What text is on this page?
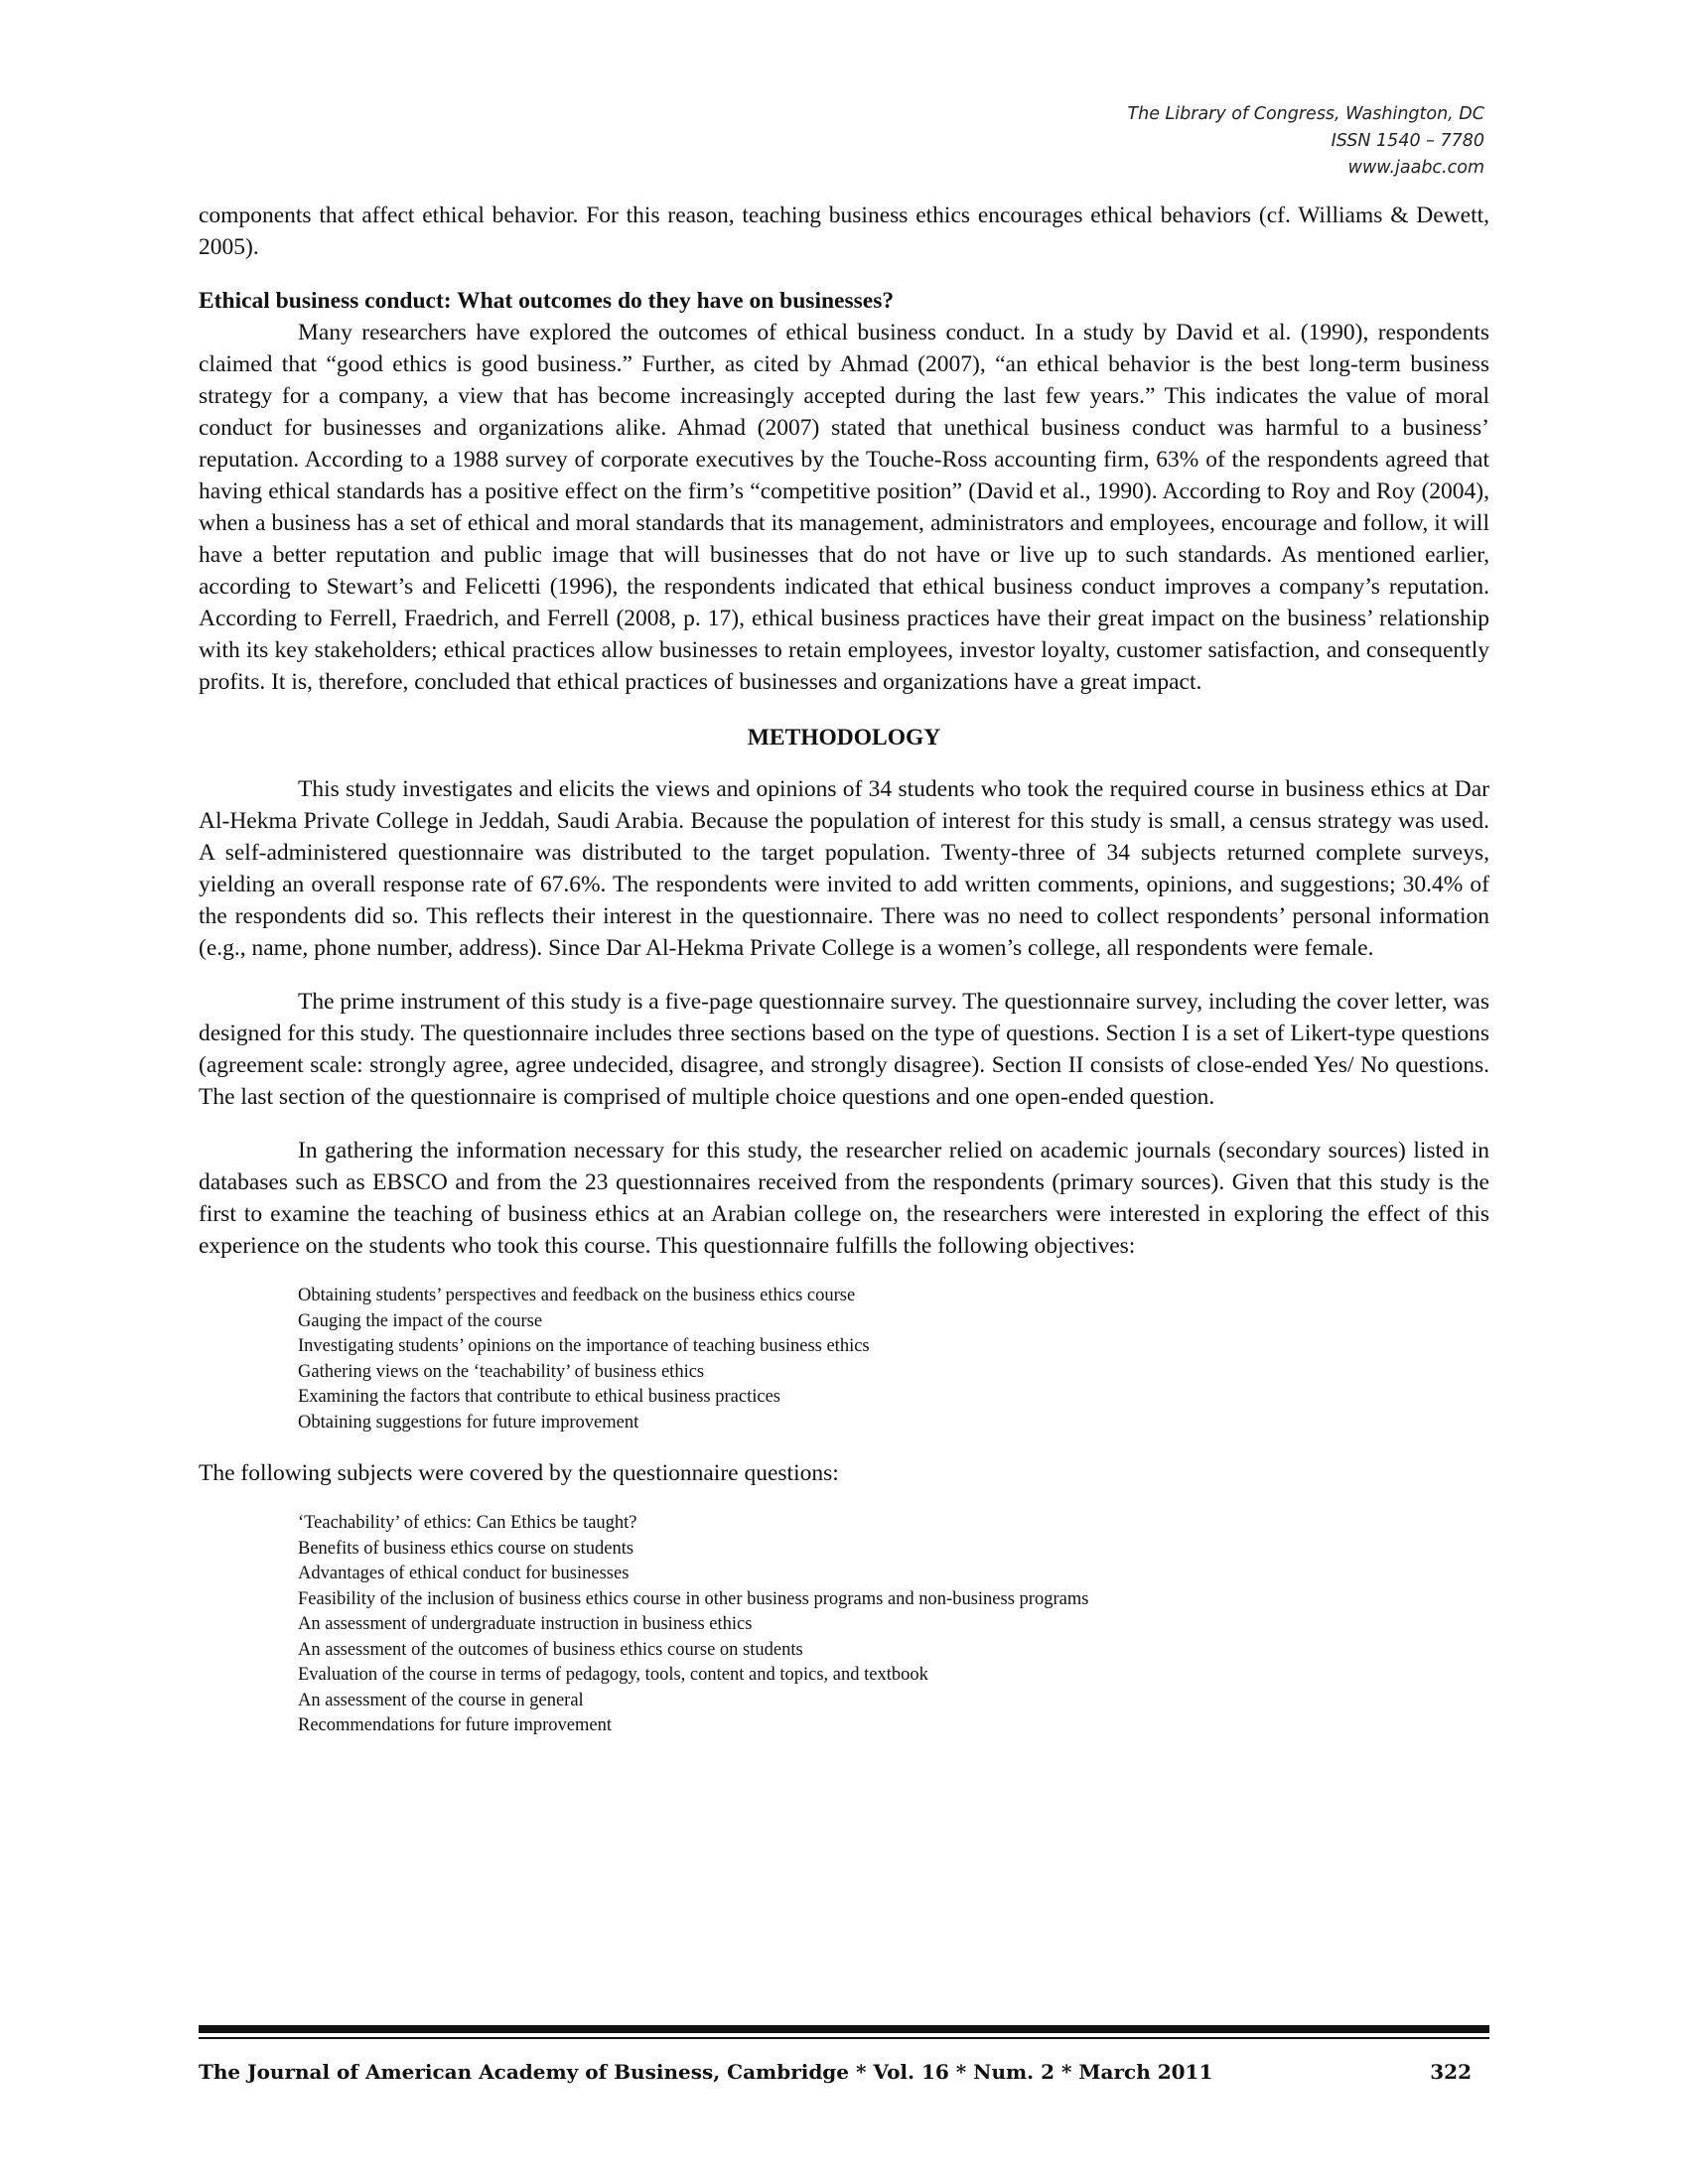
The Library of Congress, Washington, DC
ISSN 1540 – 7780
www.jaabc.com

components that affect ethical behavior. For this reason, teaching business ethics encourages ethical behaviors (cf. Williams & Dewett, 2005).

Ethical business conduct: What outcomes do they have on businesses?

Many researchers have explored the outcomes of ethical business conduct. In a study by David et al. (1990), respondents claimed that “good ethics is good business.” Further, as cited by Ahmad (2007), “an ethical behavior is the best long-term business strategy for a company, a view that has become increasingly accepted during the last few years.” This indicates the value of moral conduct for businesses and organizations alike. Ahmad (2007) stated that unethical business conduct was harmful to a business’ reputation. According to a 1988 survey of corporate executives by the Touche-Ross accounting firm, 63% of the respondents agreed that having ethical standards has a positive effect on the firm’s “competitive position” (David et al., 1990). According to Roy and Roy (2004), when a business has a set of ethical and moral standards that its management, administrators and employees, encourage and follow, it will have a better reputation and public image that will businesses that do not have or live up to such standards. As mentioned earlier, according to Stewart’s and Felicetti (1996), the respondents indicated that ethical business conduct improves a company’s reputation. According to Ferrell, Fraedrich, and Ferrell (2008, p. 17), ethical business practices have their great impact on the business’ relationship with its key stakeholders; ethical practices allow businesses to retain employees, investor loyalty, customer satisfaction, and consequently profits. It is, therefore, concluded that ethical practices of businesses and organizations have a great impact.

METHODOLOGY

This study investigates and elicits the views and opinions of 34 students who took the required course in business ethics at Dar Al-Hekma Private College in Jeddah, Saudi Arabia. Because the population of interest for this study is small, a census strategy was used. A self-administered questionnaire was distributed to the target population. Twenty-three of 34 subjects returned complete surveys, yielding an overall response rate of 67.6%. The respondents were invited to add written comments, opinions, and suggestions; 30.4% of the respondents did so. This reflects their interest in the questionnaire. There was no need to collect respondents’ personal information (e.g., name, phone number, address). Since Dar Al-Hekma Private College is a women’s college, all respondents were female.

The prime instrument of this study is a five-page questionnaire survey. The questionnaire survey, including the cover letter, was designed for this study. The questionnaire includes three sections based on the type of questions. Section I is a set of Likert-type questions (agreement scale: strongly agree, agree undecided, disagree, and strongly disagree). Section II consists of close-ended Yes/ No questions. The last section of the questionnaire is comprised of multiple choice questions and one open-ended question.

In gathering the information necessary for this study, the researcher relied on academic journals (secondary sources) listed in databases such as EBSCO and from the 23 questionnaires received from the respondents (primary sources). Given that this study is the first to examine the teaching of business ethics at an Arabian college on, the researchers were interested in exploring the effect of this experience on the students who took this course. This questionnaire fulfills the following objectives:

Obtaining students’ perspectives and feedback on the business ethics course
Gauging the impact of the course
Investigating students’ opinions on the importance of teaching business ethics
Gathering views on the ‘teachability’ of business ethics
Examining the factors that contribute to ethical business practices
Obtaining suggestions for future improvement

The following subjects were covered by the questionnaire questions:

‘Teachability’ of ethics: Can Ethics be taught?
Benefits of business ethics course on students
Advantages of ethical conduct for businesses
Feasibility of the inclusion of business ethics course in other business programs and non-business programs
An assessment of undergraduate instruction in business ethics
An assessment of the outcomes of business ethics course on students
Evaluation of the course in terms of pedagogy, tools, content and topics, and textbook
An assessment of the course in general
Recommendations for future improvement
The Journal of American Academy of Business, Cambridge * Vol. 16 * Num. 2 * March 2011	322
